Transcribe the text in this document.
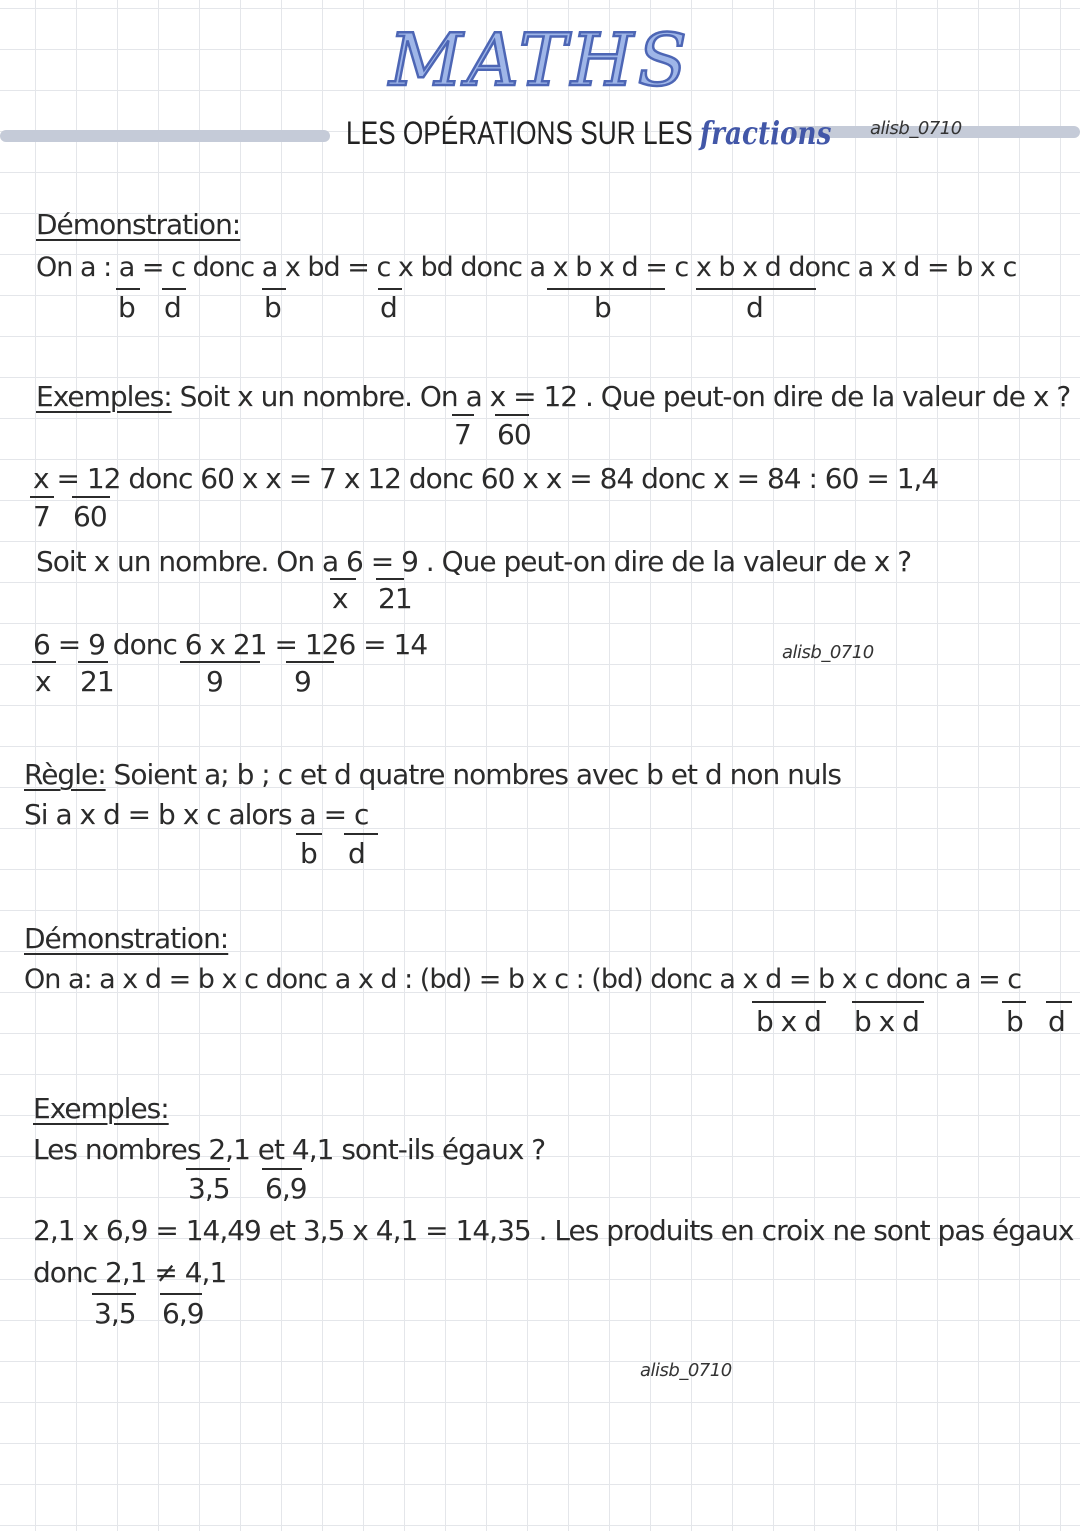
MATHS
LES OPÉRATIONS SUR LES fractions alisb_0710
Démonstration:
On a : a = c donc a x bd = c x bd donc a x b x d = c x b x d donc a x d = b x c
b d	b	d	b	d
Exemples: Soit x un nombre. On a x = 12 . Que peut-on dire de la valeur de x ?
7 60
x = 12 donc 60 x x = 7 x 12 donc 60 x x = 84 donc x = 84 : 60 = 1,4
7 60
Soit x un nombre. On a 6 = 9 . Que peut-on dire de la valeur de x ?
x 21
6 = 9 donc 6 x 21 = 126 = 14
x 21	9	9
alisb_0710
Règle: Soient a; b ; c et d quatre nombres avec b et d non nuls
Si a x d = b x c alors a = c
b d
Démonstration:
On a: a x d = b x c donc a x d : (bd) = b x c : (bd) donc a x d = b x c donc a = c
b x d b x d	b d
Exemples:
Les nombres 2,1 et 4,1 sont-ils égaux ?
3,5 6,9
2,1 x 6,9 = 14,49 et 3,5 x 4,1 = 14,35 . Les produits en croix ne sont pas égaux
donc 2,1 ≠ 4,1
3,5 6,9
alisb_0710
